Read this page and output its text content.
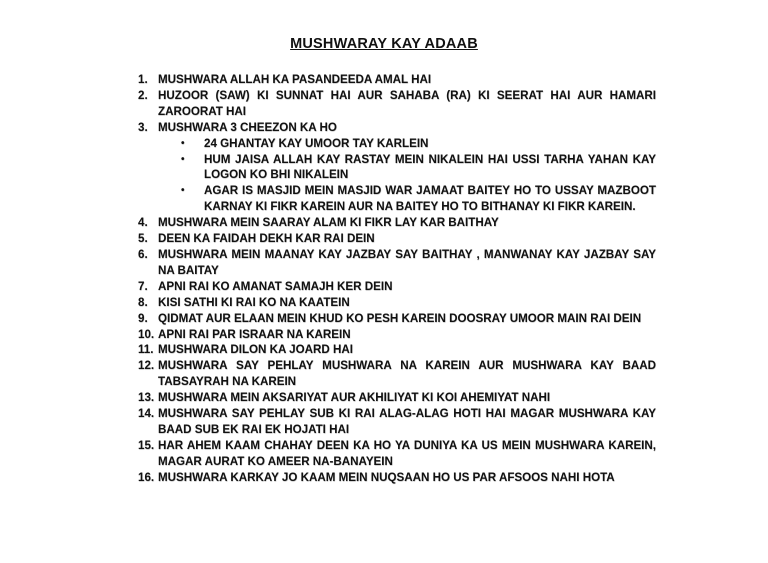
MUSHWARAY KAY ADAAB
1. MUSHWARA ALLAH KA PASANDEEDA AMAL HAI
2. HUZOOR (SAW) KI SUNNAT HAI AUR SAHABA (RA) KI SEERAT HAI AUR HAMARI ZAROORAT HAI
3. MUSHWARA 3 CHEEZON KA HO
•	24 GHANTAY KAY UMOOR TAY KARLEIN
•	HUM JAISA ALLAH KAY RASTAY MEIN NIKALEIN HAI USSI TARHA YAHAN KAY LOGON KO BHI NIKALEIN
•	AGAR IS MASJID MEIN MASJID WAR JAMAAT BAITEY HO TO USSAY MAZBOOT KARNAY KI FIKR KAREIN AUR NA BAITEY HO TO BITHANAY KI FIKR KAREIN.
4. MUSHWARA MEIN SAARAY ALAM KI FIKR LAY KAR BAITHAY
5. DEEN KA FAIDAH DEKH KAR RAI DEIN
6. MUSHWARA MEIN MAANAY KAY JAZBAY SAY BAITHAY , MANWANAY KAY JAZBAY SAY NA BAITAY
7. APNI RAI KO AMANAT SAMAJH KER DEIN
8. KISI SATHI KI RAI KO NA KAATEIN
9. QIDMAT AUR ELAAN MEIN KHUD KO PESH KAREIN DOOSRAY UMOOR MAIN RAI DEIN
10. APNI RAI PAR ISRAAR NA KAREIN
11. MUSHWARA DILON KA JOARD HAI
12. MUSHWARA SAY PEHLAY MUSHWARA NA KAREIN AUR MUSHWARA KAY BAAD TABSAYRAH NA KAREIN
13. MUSHWARA MEIN AKSARIYAT AUR AKHILIYAT KI KOI AHEMIYAT NAHI
14. MUSHWARA SAY PEHLAY SUB KI RAI ALAG-ALAG HOTI HAI MAGAR MUSHWARA KAY BAAD SUB EK RAI EK HOJATI HAI
15. HAR AHEM KAAM CHAHAY DEEN KA HO YA DUNIYA KA US MEIN MUSHWARA KAREIN, MAGAR AURAT KO AMEER NA-BANAYEIN
16. MUSHWARA KARKAY JO KAAM MEIN NUQSAAN HO US PAR AFSOOS NAHI HOTA
